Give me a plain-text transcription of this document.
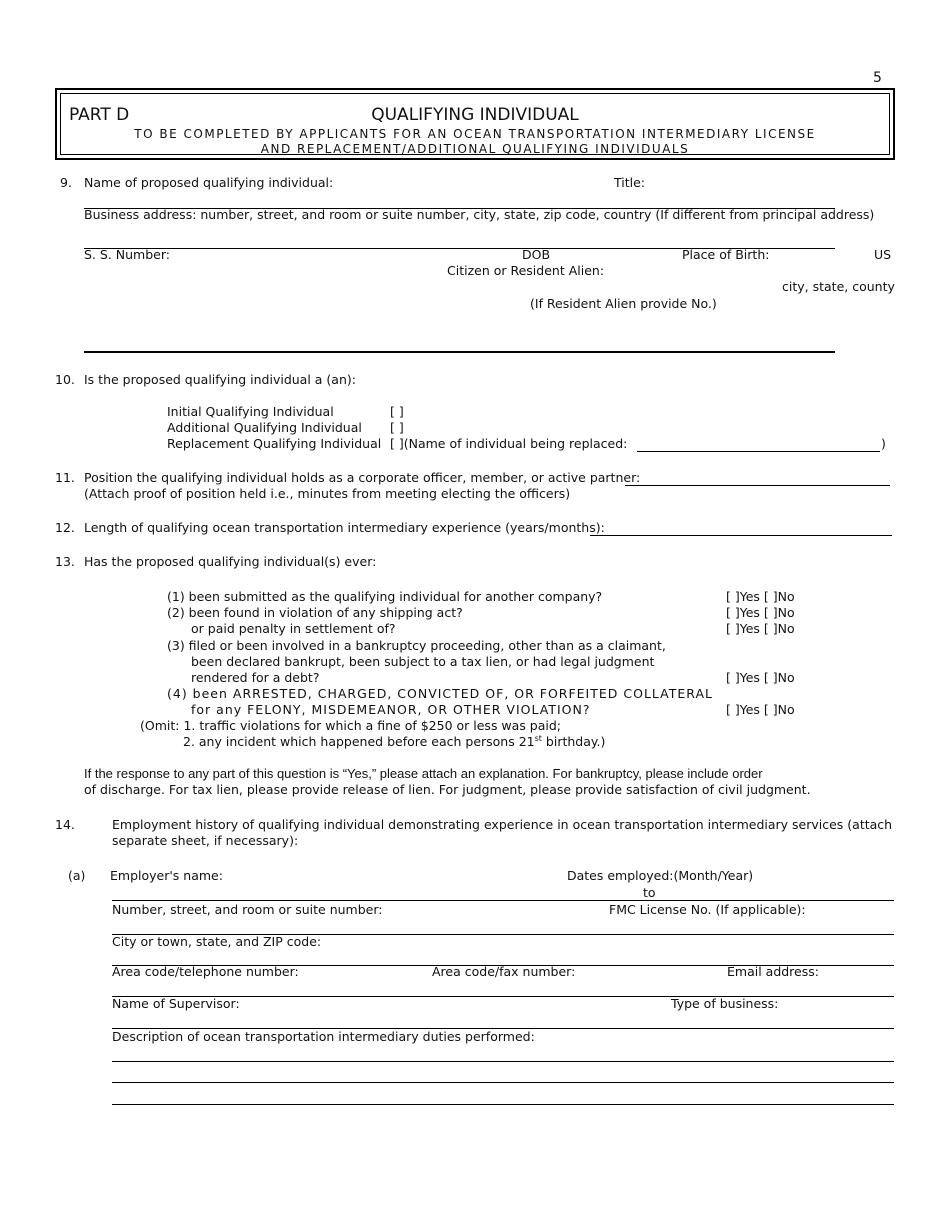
5
PART D	QUALIFYING INDIVIDUAL
TO BE COMPLETED BY APPLICANTS FOR AN OCEAN TRANSPORTATION INTERMEDIARY LICENSE
AND REPLACEMENT/ADDITIONAL QUALIFYING INDIVIDUALS
9. Name of proposed qualifying individual:	Title:
Business address: number, street, and room or suite number, city, state, zip code, country (If different from principal address)
S. S. Number:	DOB	Place of Birth:	US
Citizen or Resident Alien:
city, state, county
(If Resident Alien provide No.)
10. Is the proposed qualifying individual a (an):
Initial Qualifying Individual	[ ]
Additional Qualifying Individual [ ]
Replacement Qualifying Individual [ ](Name of individual being replaced:	)
11. Position the qualifying individual holds as a corporate officer, member, or active partner:
(Attach proof of position held i.e., minutes from meeting electing the officers)
12. Length of qualifying ocean transportation intermediary experience (years/months):
13. Has the proposed qualifying individual(s) ever:
(1) been submitted as the qualifying individual for another company?	[ ]Yes [ ]No
(2) been found in violation of any shipping act?	[ ]Yes [ ]No
or paid penalty in settlement of?	[ ]Yes [ ]No
(3) filed or been involved in a bankruptcy proceeding, other than as a claimant,
been declared bankrupt, been subject to a tax lien, or had legal judgment
rendered for a debt?	[ ]Yes [ ]No
(4) been ARRESTED, CHARGED, CONVICTED OF, OR FORFEITED COLLATERAL
for any FELONY, MISDEMEANOR, OR OTHER VIOLATION?	[ ]Yes [ ]No
(Omit: 1. traffic violations for which a fine of $250 or less was paid;
2. any incident which happened before each persons 21st birthday.)
If the response to any part of this question is “Yes,” please attach an explanation. For bankruptcy, please include order
of discharge. For tax lien, please provide release of lien. For judgment, please provide satisfaction of civil judgment.
14.	Employment history of qualifying individual demonstrating experience in ocean transportation intermediary services (attach
separate sheet, if necessary):
(a) Employer's name:	Dates employed:(Month/Year)
to
Number, street, and room or suite number:	FMC License No. (If applicable):
City or town, state, and ZIP code:
Area code/telephone number:	Area code/fax number:	Email address:
Name of Supervisor:	Type of business:
Description of ocean transportation intermediary duties performed:
